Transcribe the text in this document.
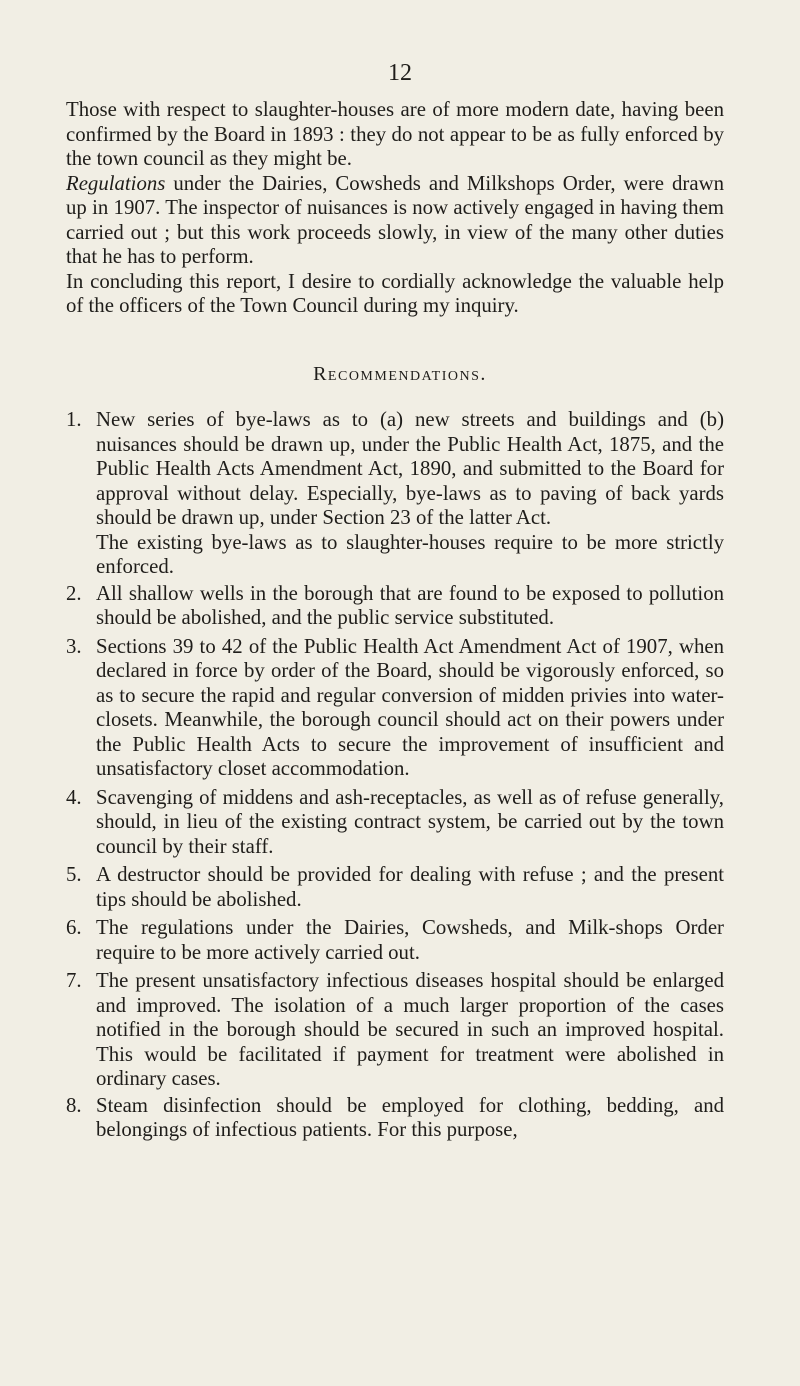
12

Those with respect to slaughter-houses are of more modern date, having been confirmed by the Board in 1893 : they do not appear to be as fully enforced by the town council as they might be.

Regulations under the Dairies, Cowsheds and Milkshops Order, were drawn up in 1907. The inspector of nuisances is now actively engaged in having them carried out ; but this work proceeds slowly, in view of the many other duties that he has to perform.

In concluding this report, I desire to cordially acknowledge the valuable help of the officers of the Town Council during my inquiry.

Recommendations.
1. New series of bye-laws as to (a) new streets and buildings and (b) nuisances should be drawn up, under the Public Health Act, 1875, and the Public Health Acts Amendment Act, 1890, and submitted to the Board for approval without delay. Especially, bye-laws as to paving of back yards should be drawn up, under Section 23 of the latter Act.

The existing bye-laws as to slaughter-houses require to be more strictly enforced.

2. All shallow wells in the borough that are found to be exposed to pollution should be abolished, and the public service substituted.
3. Sections 39 to 42 of the Public Health Act Amendment Act of 1907, when declared in force by order of the Board, should be vigorously enforced, so as to secure the rapid and regular conversion of midden privies into water-closets. Meanwhile, the borough council should act on their powers under the Public Health Acts to secure the improvement of insufficient and unsatisfactory closet accommodation.
4. Scavenging of middens and ash-receptacles, as well as of refuse generally, should, in lieu of the existing contract system, be carried out by the town council by their staff.
5. A destructor should be provided for dealing with refuse ; and the present tips should be abolished.
6. The regulations under the Dairies, Cowsheds, and Milk-shops Order require to be more actively carried out.
7. The present unsatisfactory infectious diseases hospital should be enlarged and improved. The isolation of a much larger proportion of the cases notified in the borough should be secured in such an improved hospital. This would be facilitated if payment for treatment were abolished in ordinary cases.
8. Steam disinfection should be employed for clothing, bedding, and belongings of infectious patients. For this purpose,
